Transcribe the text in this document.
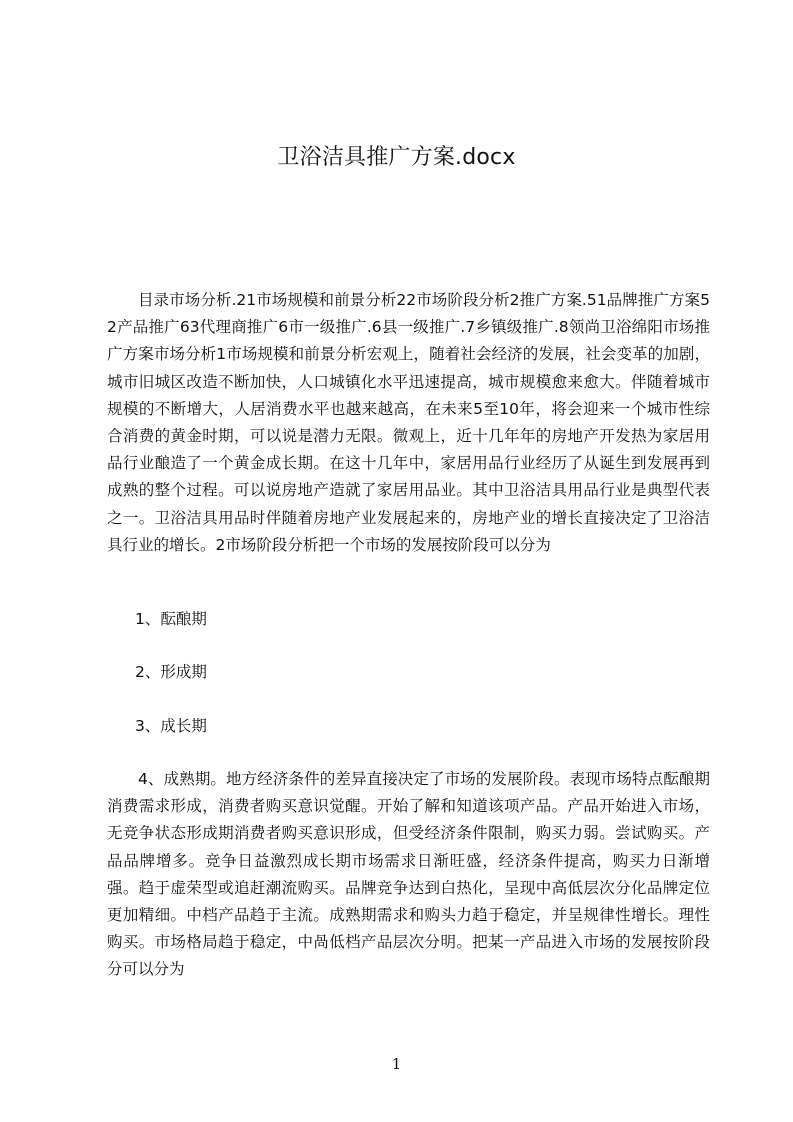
卫浴洁具推广方案.docx

目录市场分析.21市场规模和前景分析22市场阶段分析2推广方案.51品牌推广方案52产品推广63代理商推广6市一级推广.6县一级推广.7乡镇级推广.8领尚卫浴绵阳市场推广方案市场分析1市场规模和前景分析宏观上，随着社会经济的发展，社会变革的加剧，城市旧城区改造不断加快，人口城镇化水平迅速提高，城市规模愈来愈大。伴随着城市规模的不断增大，人居消费水平也越来越高，在未来5至10年，将会迎来一个城市性综合消费的黄金时期，可以说是潜力无限。微观上，近十几年年的房地产开发热为家居用品行业酿造了一个黄金成长期。在这十几年中，家居用品行业经历了从诞生到发展再到成熟的整个过程。可以说房地产造就了家居用品业。其中卫浴洁具用品行业是典型代表之一。卫浴洁具用品时伴随着房地产业发展起来的，房地产业的增长直接决定了卫浴洁具行业的增长。2市场阶段分析把一个市场的发展按阶段可以分为

1、酝酿期

2、形成期

3、成长期

4、成熟期。地方经济条件的差异直接决定了市场的发展阶段。表现市场特点酝酿期消费需求形成，消费者购买意识觉醒。开始了解和知道该项产品。产品开始进入市场，无竞争状态形成期消费者购买意识形成，但受经济条件限制，购买力弱。尝试购买。产品品牌增多。竞争日益激烈成长期市场需求日渐旺盛，经济条件提高，购买力日渐增强。趋于虚荣型或追赶潮流购买。品牌竞争达到白热化，呈现中高低层次分化品牌定位更加精细。中档产品趋于主流。成熟期需求和购头力趋于稳定，并呈规律性增长。理性购买。市场格局趋于稳定，中咼低档产品层次分明。把某一产品进入市场的发展按阶段分可以分为

1
